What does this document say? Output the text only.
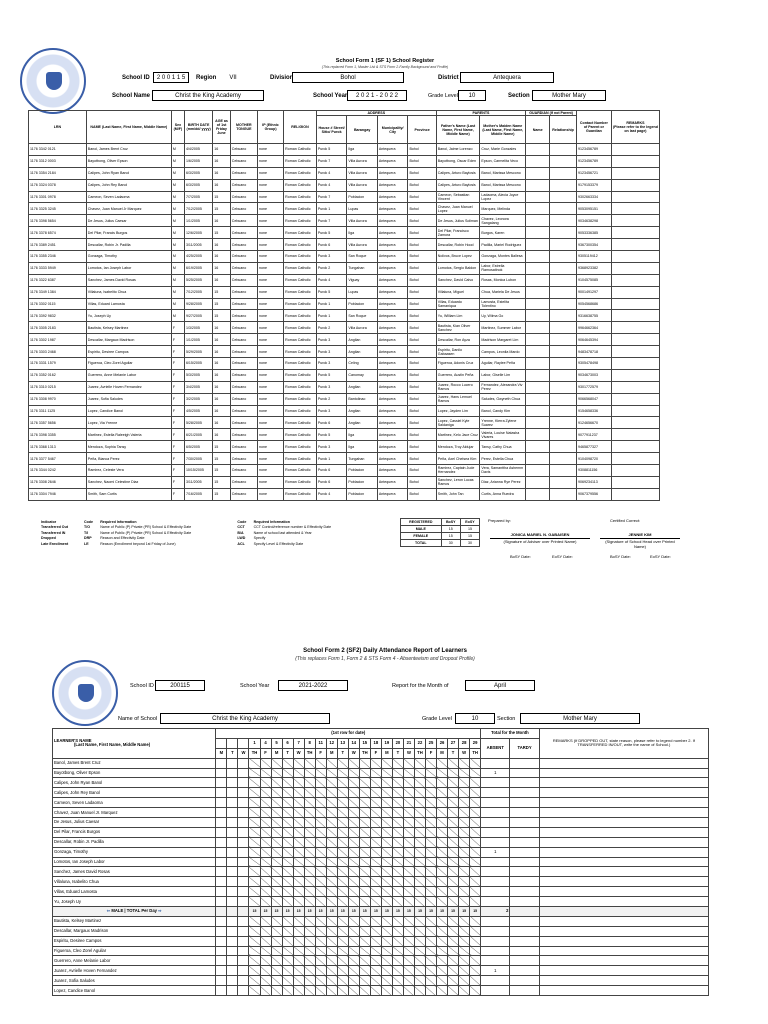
School Form 1 (SF 1) School Register
(This replaced Form 1, Master List & STS Form 2-Family Background and Profile)
School ID	2 0 0 1 1 5	Region	VII	Division	Bohol	District	Antequera
School Name	Christ the King Academy	School Year	2 0 2 1 - 2 0 2 2	Grade Level	10	Section	Mother Mary
LRN	NAME (Last Name, First Name, Middle Name)	Sex (M/F)	BIRTH DATE (mm/dd/ yyyy)	AGE as of 1st Friday June	MOTHER TONGUE	IP (Ethnic Group)	RELIGION	ADDRESS				PARENTS		GUARDIAN (If not Parent)		Contact Number of Parent or Guardian	REMARKS
(Please refer to the legend on last page)
								House # Street/ Sitio/ Purok	Barangay	Municipality/ City	Province	Father's Name (Last Name, First Name, Middle Name)	Mother's Maiden Name (Last Name, First Name, Middle Name)	Name	Relationship		
1176 3342 0121	Banol, James Brent Cruz	M	4/4/2005	16	Cebuano	none	Roman Catholic	Purok 5	Ilga	Antequera	Bohol	Banol, Jaime Lorenzo	Cruz, Marie Gonzales			9123456789	
1176 3312 0003	Bayotbong, Oliver Epson	M	1/6/2005	16	Cebuano	none	Roman Catholic	Purok 7	Villa Aurora	Antequera	Bohol	Bayotbong, Oscar Eden	Epson, Carmelita Veco			9123456789	
1176 3354 2184	Calipes, John Ryan Banol	M	6/3/2005	16	Cebuano	none	Roman Catholic	Purok 4	Villa Aurora	Antequera	Bohol	Calipes, Arturo Baylosis	Banol, Marissa Mescono			9123456721	
1176 3324 0378	Calipes, John Rey Banol	M	6/3/2005	16	Cebuano	none	Roman Catholic	Purok 4	Villa Aurora	Antequera	Bohol	Calipes, Arturo Baylosis	Banol, Marissa Mescono			9179153379	
1176 3301 0978	Cameon, Seven Ladaoma	M	7/7/2005	15	Cebuano	none	Roman Catholic	Purok 7	Poblacion	Antequera	Bohol	Cameon, Sebastian Vincent	Ladaoma, Alecia Joyce Lopez			9302663334	
1176 3325 3245	Chavez, Juan Manuel Jr Marquez	M	7/12/2005	15	Cebuano	none	Roman Catholic	Purok 1	Lupas	Antequera	Bohol	Chavez, Juan Manuel Lopez	Marquez, Melinda			9053095151	
1176 3398 5654	De Jesus, Julius Caesar	M	1/1/2005	16	Cebuano	none	Roman Catholic	Purok 7	Villa Aurora	Antequera	Bohol	De Jesus, Julius Soliman	Chavez, Leonora Sangalang			9034638298	
1176 3378 6574	Del Pilar, Francis Burgos	M	12/6/2005	15	Cebuano	none	Roman Catholic	Purok 5	Ilga	Antequera	Bohol	Del Pilar, Francisco Zamora	Burgos, Karen			9053336385	
1176 3389 2451	Descallar, Robin Jr. Padilla	M	3/11/2005	16	Cebuano	none	Roman Catholic	Purok 6	Villa Aurora	Antequera	Bohol	Descallar, Robin Hood	Padilla, Mariel Rodriguez			9367300354	
1176 3355 2346	Gonzaga, Timothy	M	4/25/2005	16	Cebuano	none	Roman Catholic	Purok 3	San Roque	Antequera	Bohol	Nolivos, Bruce Lopez	Gonzaga, Montes Ballesa			9305119412	
1176 3333 5949	Lomotos, Ian Joseph Labor	M	6/19/2005	16	Cebuano	none	Roman Catholic	Purok 2	Tungahan	Antequera	Bohol	Lomotos, Sergio Baldon	Labor, Estrella Ramosatinok			9368923382	
1176 3322 6387	Sanchez, James David Rosas	M	5/25/2005	16	Cebuano	none	Roman Catholic	Purok 4	Viguay	Antequera	Bohol	Sanchez, David Calvo	Rosas, Monica Lubon			9104575085	
1176 3349 1384	Villaluna, Isabelito Chua	M	7/12/2005	15	Cebuano	none	Roman Catholic	Purok 5	Lupas	Antequera	Bohol	Villaluna, Miguel	Chua, Mariela De Jesus			9001491297	
1176 3302 0115	Villas, Eduard Lamosta	M	9/28/2005	15	Cebuano	none	Roman Catholic	Purok 1	Poblacion	Antequera	Bohol	Villas, Eduardo Samaniqua	Lamosta, Estelita Tolentino			9054568686	
1176 3392 9832	Yu, Joseph Uy	M	9/27/2005	15	Cebuano	none	Roman Catholic	Purok 1	San Roque	Antequera	Bohol	Yu, William Lim	Uy, Wilma Go			9316638755	
1176 3305 2183	Bautista, Kelsey Martinez	F	1/3/2005	16	Cebuano	none	Roman Catholic	Purok 2	Villa Aurora	Antequera	Bohol	Bautista, Kian Oliver Sanchez	Martinez, Summer Labor			9964662364	
1176 3302 1987	Descallar, Margaux Madrison	F	1/1/2005	16	Cebuano	none	Roman Catholic	Purok 3	Angilan	Antequera	Bohol	Descallar, Ron Ayza	Madrison Margaret Lim			9064645394	
1176 3303 2468	Espiritu, Desiree Campos	F	5/29/2005	16	Cebuano	none	Roman Catholic	Purok 3	Angilan	Antequera	Bohol	Espiritu, Danilo Gabaasen	Campos, Leonila Mardo			9483478718	
1176 3331 1579	Figueroa, Cleo Zorel Aguilar	F	6/15/2005	16	Cebuano	none	Roman Catholic	Purok 3	Celing	Antequera	Bohol	Figueroa, Adonis Cruz	Aguilar, Raylee Peña			9305478498	
1176 3352 0162	Guerrero, Anne Melanie Labor	F	5/3/2005	16	Cebuano	none	Roman Catholic	Purok 5	Canomay	Antequera	Bohol	Guerrero, Austin Peña	Labor, Giselle Lim			9034673003	
1176 3310 0215	Juarez, Avrielle Hoven Fernandez	F	3/4/2005	16	Cebuano	none	Roman Catholic	Purok 3	Angilan	Antequera	Bohol	Juarez, Rocco Lucero Ramos	Fernandez, Alexandra Viv Perez			9301772579	
1176 3308 9970	Juarez, Sofia Saludes	F	3/2/2005	16	Cebuano	none	Roman Catholic	Purok 2	Bantolinao	Antequera	Bohol	Juarez, Hans Lemuel Ramos	Saludes, Gwyneth Chua			9066568047	
1176 3311 1125	Lopez, Candice Banol	F	4/5/2005	16	Cebuano	none	Roman Catholic	Purok 3	Angilan	Antequera	Bohol	Lopez, Jayden Lim	Banol, Candy Kim			9154658336	
1176 3357 5656	Lopez, Via Yrenne	F	5/28/2005	16	Cebuano	none	Roman Catholic	Purok 6	Angilan	Antequera	Bohol	Lopez, Cassiel Kyle Saldaniga	Yrenne, Kierra Zylene Suarez			9124656670	
1176 3398 3355	Martinez, Estella Raleeigh Valeria	F	6/21/2005	16	Cebuano	none	Roman Catholic	Purok 5	Ilga	Antequera	Bohol	Martinez, Kelo Jace Cruz	Valeria, Louise Natasha Vivares			9077911237	
1176 3368 1313	Mendoza, Sophia Tansy	F	6/5/2005	15	Cebuano	none	Roman Catholic	Purok 3	Ilga	Antequera	Bohol	Mendoza, Troy Aldujar	Tansy, Cathy Chua			9465877327	
1176 3377 5467	Peña, Bianca Perez	F	7/30/2005	15	Cebuano	none	Roman Catholic	Purok 1	Tungahan	Antequera	Bohol	Peña, Axel Chelsea Kim	Perez, Estella Chua			9104098720	
1176 3344 0242	Ramirez, Celeste Vera	F	10/15/2005	15	Cebuano	none	Roman Catholic	Purok 6	Poblacion	Antequera	Bohol	Ramirez, Captain Jude Hernandez	Vera, Samanttha Ashemm Davis			9308811156	
1176 3308 2646	Sanchez, Naomi Celestine Diaz	F	3/11/2005	15	Cebuano	none	Roman Catholic	Purok 6	Poblacion	Antequera	Bohol	Sanchez, Leron Lucas Ramos	Diaz, Arianna Rye Perez			9069234113	
1176 3304 7946	Smith, Sam Curtis	F	7/16/2005	15	Cebuano	none	Roman Catholic	Purok 4	Poblacion	Antequera	Bohol	Smith, John Tan	Curtis, Anna Ruedra			9067379556	
Indicator	Code	Required Information	Code	Required Information
Transferred Out	T/O	Name of Public (P) Private (PR) School & Effectivity Date	CCT	CCT Control/reference number & Effectivity Date
Transferred IN	T/I	Name of Public (P) Private (PR) School & Effectivity Date	B/A	Name of school last attended & Year
Dropped	DRP	Reason and Effectivity Date	LWD	Specify
Late Enrollment	LE	Reason (Enrollment beyond 1st Friday of June)	ACL	Specify Level & Effectivity Date
REGISTERED	BoSY	EoSY
MALE	15	15
FEMALE	15	15
TOTAL	30	30
Prepared by:	Certified Correct:
JONICA MARIEL N. GABAISEN
(Signature of Adviser over Printed Name)
JENNIE KIM
(Signature of School Head over Printed Name)
BoSY Date:	EoSY Date:	BoSY Date:	EoSY Date:
School Form 2 (SF2) Daily Attendance Report of Learners
(This replaces Form 1, Form 2 & STS Form 4 - Absenteeism and Dropout Profile)
School ID	200115	School Year	2021-2022	Report for the Month of	April
Name of School	Christ the King Academy	Grade Level	10	Section	Mother Mary
LEARNER'S NAME
(Last Name, First Name, Middle Name)	(1st row for date)																								Total for the Month		REMARKS (If DROPPED OUT, state reason, please refer to legend number 2. If TRANSFERRED IN/OUT, write the name of School.)
				1	4	5	6	7	8	11	12	13	14	15	18	19	20	21	22	25	26	27	28	29	ABSENT	TARDY	
	M	T	W	TH	F	M	T	W	TH	F	M	T	W	TH	F	M	T	W	TH	F	M	T	W	TH			
Banol, James Brent Cruz																											
Bayotbong, Oliver Epson																									1		
Calipes, John Ryan Banol																											
Calipes, John Rey Banol																											
Cameon, Seven Ladaoma																											
Chavez, Juan Manuel Jr. Marquez																											
De Jesus, Julius Caesar																											
Del Pilar, Francis Burgos																											
Descallar, Robin Jr. Padilla																											
Gonzaga, Timothy																									1		
Lomotos, Ian Joseph Labor																											
Sanchez, James David Rosas																											
Villaluna, Isabelito Chua																											
Villas, Eduard Lamosta																											
Yu, Joseph Uy																											
⇦ MALE | TOTAL Per Day ⇨				15	15	15	15	15	15	15	15	15	15	15	15	15	15	15	15	15	15	15	15	15	2		
Bautista, Kelsey Martinez																											
Descallar, Margaux Madrison																											
Espiritu, Desiree Campos																											
Figueroa, Cleo Zorel Aguilar																											
Guerrero, Anne Melanie Labor																											
Juarez, Avrielle Hoven Fernandez																									1		
Juarez, Sofia Saludes																											
Lopez, Candice Banol																											
